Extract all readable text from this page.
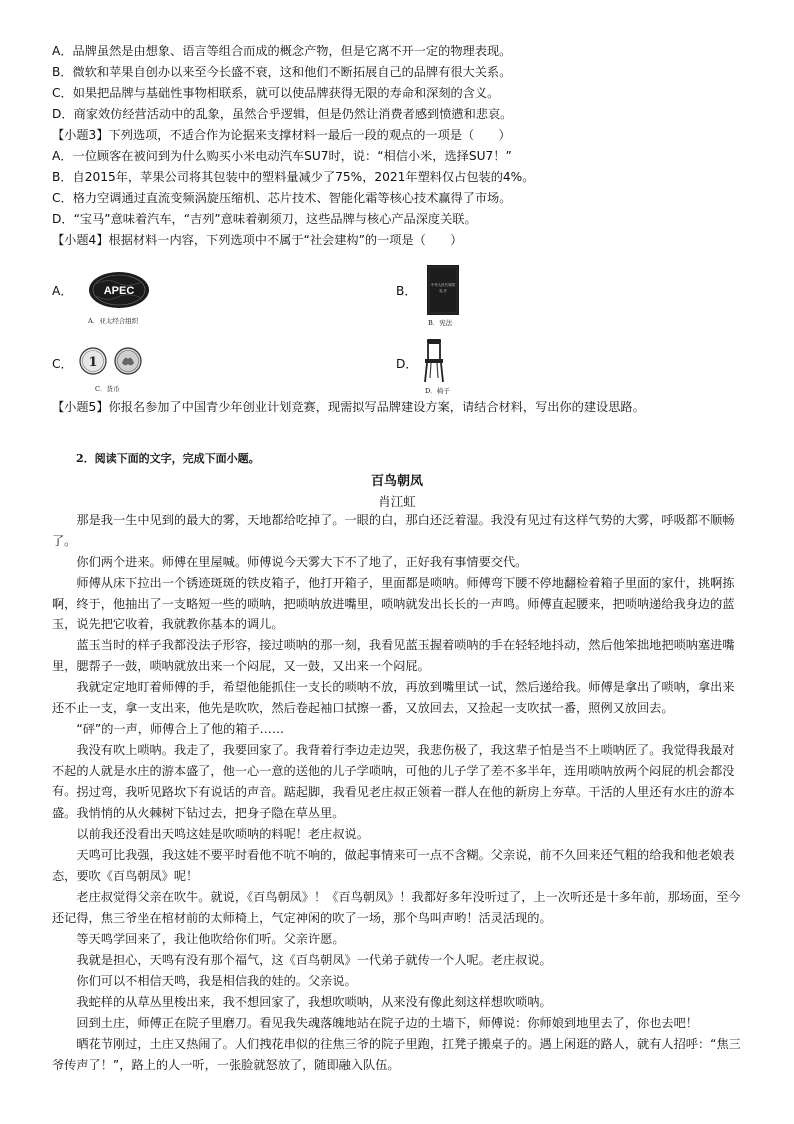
A．品牌虽然是由想象、语言等组合而成的概念产物，但是它离不开一定的物理表现。
B．微软和苹果自创办以来至今长盛不衰，这和他们不断拓展自己的品牌有很大关系。
C．如果把品牌与基础性事物相联系，就可以使品牌获得无限的寿命和深刻的含义。
D．商家效仿经营活动中的乱象，虽然合乎逻辑，但是仍然让消费者感到愤懑和悲哀。
【小题3】下列选项，不适合作为论据来支撑材料一最后一段的观点的一项是（　　）
A．一位顾客在被问到为什么购买小米电动汽车SU7时，说：“相信小米，选择SU7！”
B．自2015年，苹果公司将其包装中的塑料量减少了75%，2021年塑料仅占包装的4%。
C．格力空调通过直流变频涡旋压缩机、芯片技术、智能化霜等核心技术赢得了市场。
D．“宝马”意味着汽车，“吉列”意味着剃须刀，这些品牌与核心产品深度关联。
【小题4】根据材料一内容，下列选项中不属于“社会建构”的一项是（　　）
A．	APEC
A．亚太经合组织
B．	中华人民共和国
宪 法
B．宪法
C． 1
C．货币
D．
D．椅子
【小题5】你报名参加了中国青少年创业计划竞赛，现需拟写品牌建设方案，请结合材料，写出你的建设思路。
2．阅读下面的文字，完成下面小题。
百鸟朝凤
肖江虹
那是我一生中见到的最大的雾，天地都给吃掉了。一眼的白，那白还泛着湿。我没有见过有这样气势的大雾，呼吸都不顺畅了。
你们两个进来。师傅在里屋喊。师傅说今天雾大下不了地了，正好我有事情要交代。
师傅从床下拉出一个锈迹斑斑的铁皮箱子，他打开箱子，里面都是唢呐。师傅弯下腰不停地翻检着箱子里面的家什，挑啊拣啊，终于，他抽出了一支略短一些的唢呐，把唢呐放进嘴里，唢呐就发出长长的一声鸣。师傅直起腰来，把唢呐递给我身边的蓝玉，说先把它收着，我就教你基本的调儿。
蓝玉当时的样子我都没法子形容，接过唢呐的那一刻，我看见蓝玉握着唢呐的手在轻轻地抖动，然后他笨拙地把唢呐塞进嘴里，腮帮子一鼓，唢呐就放出来一个闷屁，又一鼓，又出来一个闷屁。
我就定定地盯着师傅的手，希望他能抓住一支长的唢呐不放，再放到嘴里试一试，然后递给我。师傅是拿出了唢呐，拿出来还不止一支，拿一支出来，他先是吹吹，然后卷起袖口拭擦一番，又放回去，又捡起一支吹拭一番，照例又放回去。
“砰”的一声，师傅合上了他的箱子……
我没有吹上唢呐。我走了，我要回家了。我背着行李边走边哭，我悲伤极了，我这辈子怕是当不上唢呐匠了。我觉得我最对不起的人就是水庄的游本盛了，他一心一意的送他的儿子学唢呐，可他的儿子学了差不多半年，连用唢呐放两个闷屁的机会都没有。 拐过弯，我听见路坎下有说话的声音。踮起脚，我看见老庄叔正领着一群人在他的新房上夯草。干活的人里还有水庄的游本盛。我悄悄的从火棘树下钻过去，把身子隐在草丛里。
以前我还没看出天鸣这娃是吹唢呐的料呢！老庄叔说。
天鸣可比我强，我这娃不要平时看他不吭不响的，做起事情来可一点不含糊。父亲说，前不久回来还气粗的给我和他老娘表态，要吹《百鸟朝凤》呢！
老庄叔觉得父亲在吹牛。就说，《百鸟朝凤》！《百鸟朝凤》！我都好多年没听过了，上一次听还是十多年前，那场面，至今还记得，焦三爷坐在棺材前的太师椅上，气定神闲的吹了一场，那个鸟叫声哟！活灵活现的。
等天鸣学回来了，我让他吹给你们听。父亲许愿。
我就是担心，天鸣有没有那个福气，这《百鸟朝凤》一代弟子就传一个人呢。老庄叔说。
你们可以不相信天鸣，我是相信我的娃的。父亲说。
我蛇样的从草丛里梭出来，我不想回家了，我想吹唢呐，从来没有像此刻这样想吹唢呐。
回到土庄，师傅正在院子里磨刀。看见我失魂落魄地站在院子边的土墙下，师傅说：你师娘到地里去了，你也去吧！
晒花节刚过，土庄又热闹了。人们拽花串似的往焦三爷的院子里跑，扛凳子搬桌子的。遇上闲逛的路人，就有人招呼：“焦三爷传声了！”，路上的人一听，一张脸就怒放了，随即融入队伍。
